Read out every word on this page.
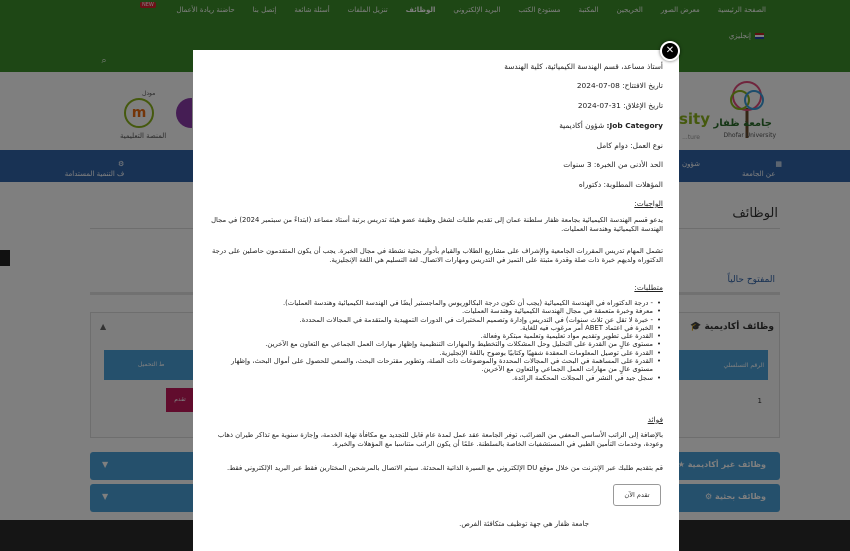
أستاذ مساعد، قسم الهندسة الكيميائية، كلية الهندسة
تاريخ الافتتاح: 08-07-2024
تاريخ الإغلاق: 31-07-2024
Job Category: شؤون أكاديمية
نوع العمل: دوام كامل
الحد الأدنى من الخبرة: 3 سنوات
المؤهلات المطلوبة: دكتوراه
الواجبات:

يدعو قسم الهندسة الكيميائية بجامعة ظفار سلطنة عمان إلى تقديم طلبات لشغل وظيفة عضو هيئة تدريس برتبة أستاذ مساعد (ابتداءً من سبتمبر 2024) في مجال الهندسة الكيميائية وهندسة العمليات.

تشمل المهام تدريس المقررات الجامعية والإشراف على مشاريع الطلاب والقيام بأدوار بحثية نشطة في مجال الخبرة. يجب أن يكون المتقدمون حاصلين على درجة الدكتوراه ولديهم خبرة ذات صلة وقدرة مثبتة على التميز في التدريس ومهارات الاتصال. لغة التسليم هي اللغة الإنجليزية.

متطلبات:
• - درجة الدكتوراه في الهندسة الكيميائية (يجب أن تكون درجة البكالوريوس والماجستير أيضًا في الهندسة الكيميائية وهندسة العمليات).
• معرفة وخبرة متعمقة في مجال الهندسة الكيميائية وهندسة العمليات.
• - خبرة لا تقل عن ثلاث سنوات) في التدريس وإدارة وتصميم المختبرات في الدورات التمهيدية والمتقدمة في المجالات المحددة.
• الخبرة في اعتماد ABET أمر مرغوب فيه للغاية.
• القدرة على تطوير وتقديم مواد تعليمية وتعلمية مبتكرة وفعالة.
• مستوى عالٍ من القدرة على التحليل وحل المشكلات والتخطيط والمهارات التنظيمية وإظهار مهارات العمل الجماعي مع التعاون مع الآخرين.
• القدرة على توصيل المعلومات المعقدة شفهيًا وكتابيًا بوضوح باللغة الإنجليزية.
• القدرة على المساهمة في البحث في المجالات المحددة والموضوعات ذات الصلة، وتطوير مقترحات البحث، والسعي للحصول على أموال البحث، وإظهار مستوى عالٍ من مهارات العمل الجماعي والتعاون مع الآخرين.
• سجل جيد في النشر في المجلات المحكمة الرائدة.
فوائد

بالإضافة إلى الراتب الأساسي المعفي من الضرائب، توفر الجامعة عقد عمل لمدة عام قابل للتجديد مع مكافأة نهاية الخدمة، وإجازة سنوية مع تذاكر طيران ذهاب وعودة، وخدمات التأمين الطبي في المستشفيات الخاصة بالسلطنة. علمًا أن يكون الراتب متناسبا مع المؤهلات والخبرة.

قم بتقديم طلبك عبر الإنترنت من خلال موقع DU الإلكتروني مع السيرة الذاتية المحدثة. سيتم الاتصال بالمرشحين المختارين فقط عبر البريد الإلكتروني فقط.

تقدم الآن
جامعة ظفار هي جهة توظيف متكافئة الفرص.
✕
